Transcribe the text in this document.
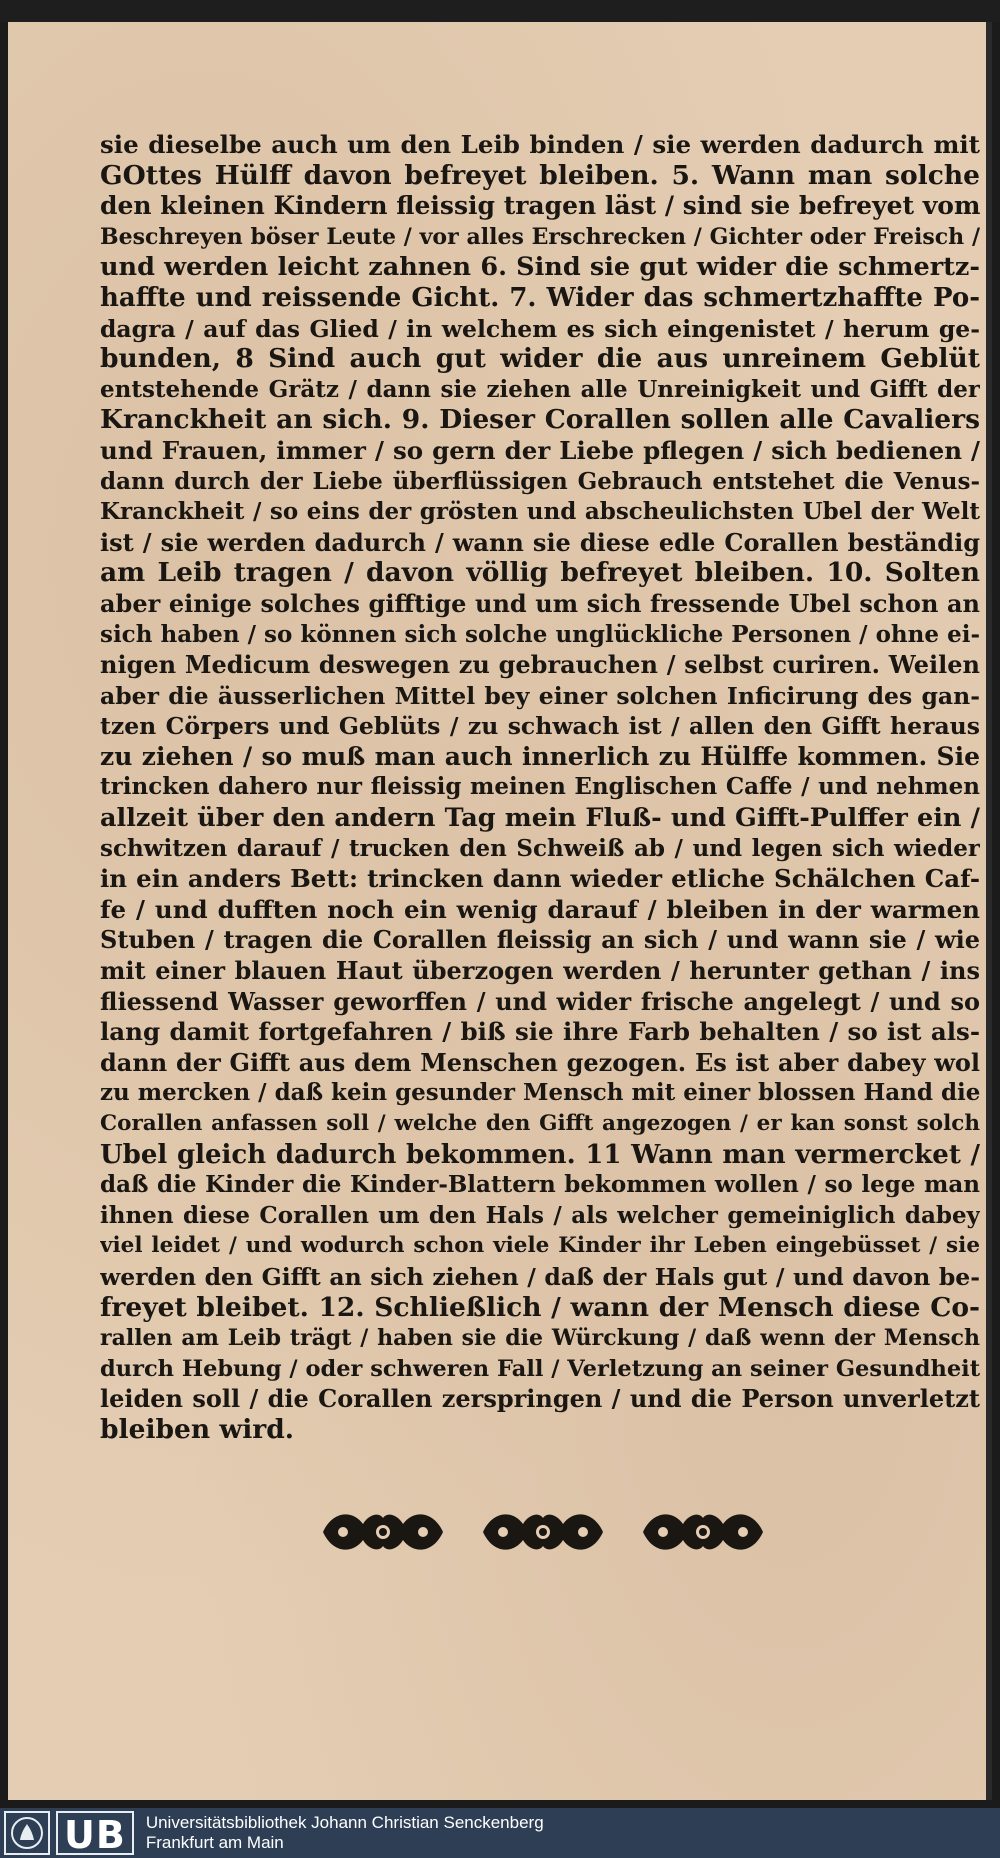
sie dieselbe auch um den Leib binden / sie werden dadurch mit
GOttes Hülff davon befreyet bleiben. 5. Wann man solche
den kleinen Kindern fleissig tragen läst / sind sie befreyet vom
Beschreyen böser Leute / vor alles Erschrecken / Gichter oder Freisch /
und werden leicht zahnen 6. Sind sie gut wider die schmertz-
haffte und reissende Gicht. 7. Wider das schmertzhaffte Po-
dagra / auf das Glied / in welchem es sich eingenistet / herum ge-
bunden, 8 Sind auch gut wider die aus unreinem Geblüt
entstehende Grätz / dann sie ziehen alle Unreinigkeit und Gifft der
Kranckheit an sich. 9. Dieser Corallen sollen alle Cavaliers
und Frauen, immer / so gern der Liebe pflegen / sich bedienen /
dann durch der Liebe überflüssigen Gebrauch entstehet die Venus-
Kranckheit / so eins der grösten und abscheulichsten Ubel der Welt
ist / sie werden dadurch / wann sie diese edle Corallen beständig
am Leib tragen / davon völlig befreyet bleiben. 10. Solten
aber einige solches gifftige und um sich fressende Ubel schon an
sich haben / so können sich solche unglückliche Personen / ohne ei-
nigen Medicum deswegen zu gebrauchen / selbst curiren. Weilen
aber die äusserlichen Mittel bey einer solchen Inficirung des gan-
tzen Cörpers und Geblüts / zu schwach ist / allen den Gifft heraus
zu ziehen / so muß man auch innerlich zu Hülffe kommen. Sie
trincken dahero nur fleissig meinen Englischen Caffe / und nehmen
allzeit über den andern Tag mein Fluß- und Gifft-Pulffer ein /
schwitzen darauf / trucken den Schweiß ab / und legen sich wieder
in ein anders Bett: trincken dann wieder etliche Schälchen Caf-
fe / und dufften noch ein wenig darauf / bleiben in der warmen
Stuben / tragen die Corallen fleissig an sich / und wann sie / wie
mit einer blauen Haut überzogen werden / herunter gethan / ins
fliessend Wasser geworffen / und wider frische angelegt / und so
lang damit fortgefahren / biß sie ihre Farb behalten / so ist als-
dann der Gifft aus dem Menschen gezogen. Es ist aber dabey wol
zu mercken / daß kein gesunder Mensch mit einer blossen Hand die
Corallen anfassen soll / welche den Gifft angezogen / er kan sonst solch
Ubel gleich dadurch bekommen. 11 Wann man vermercket /
daß die Kinder die Kinder-Blattern bekommen wollen / so lege man
ihnen diese Corallen um den Hals / als welcher gemeiniglich dabey
viel leidet / und wodurch schon viele Kinder ihr Leben eingebüsset / sie
werden den Gifft an sich ziehen / daß der Hals gut / und davon be-
freyet bleibet. 12. Schließlich / wann der Mensch diese Co-
rallen am Leib trägt / haben sie die Würckung / daß wenn der Mensch
durch Hebung / oder schweren Fall / Verletzung an seiner Gesundheit
leiden soll / die Corallen zerspringen / und die Person unverletzt
bleiben wird.
UB	Universitätsbibliothek Johann Christian Senckenberg
Frankfurt am Main
